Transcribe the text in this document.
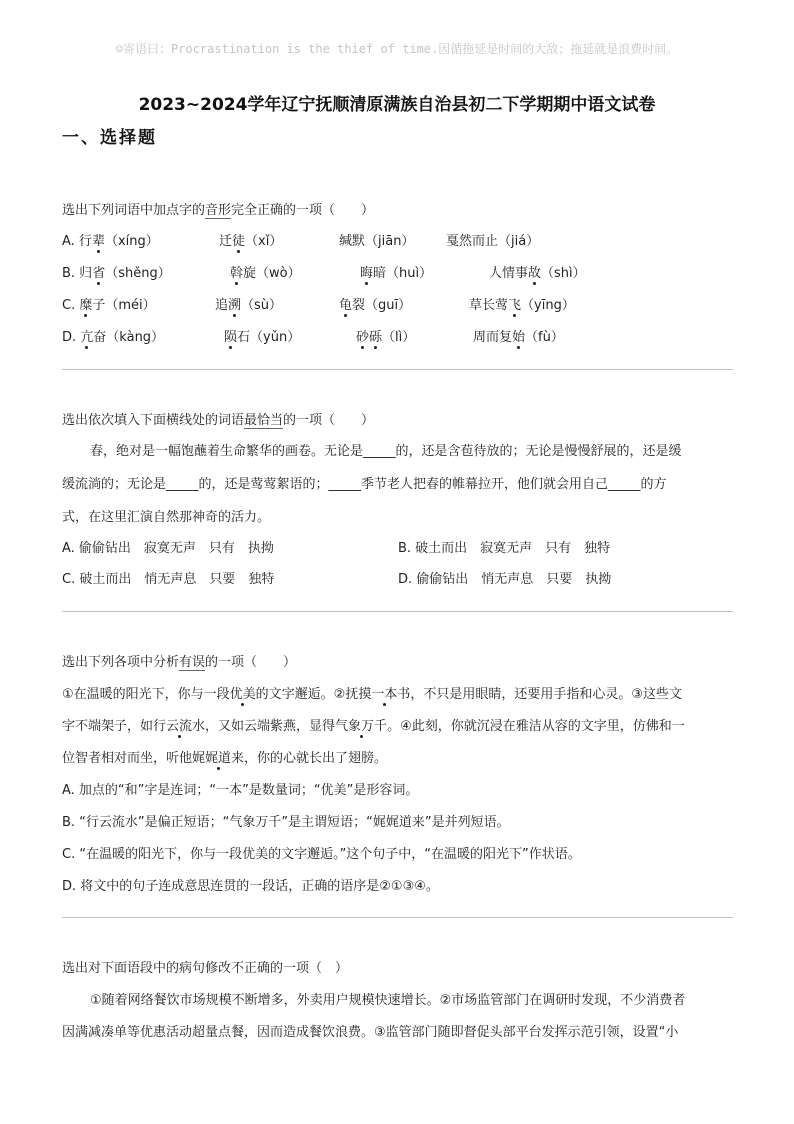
☺寄语曰：Procrastination is the thief of time.因循拖延是时间的大敌；拖延就是浪费时间。
2023~2024学年辽宁抚顺清原满族自治县初二下学期期中语文试卷
一、选择题
选出下列词语中加点字的音形完全正确的一项（　　）
A. 行辈（xíng）	迁徒（xǐ）	缄默（jiān） 戛然而止（jiá）
B. 归省（shěng）	斡旋（wò）	晦暗（huì）	人情事故（shì）
C. 糜子（méi）	追溯（sù）	龟裂（guī）	草长莺飞（yīng）
D. 亢奋（kàng）	陨石（yǔn）	砂砾（lì）	周而复始（fù）
选出依次填入下面横线处的词语最恰当的一项（　　）
春，绝对是一幅饱蘸着生命繁华的画卷。无论是_____的，还是含苞待放的；无论是慢慢舒展的，还是缓
缓流淌的；无论是_____的，还是莺莺絮语的；_____季节老人把春的帷幕拉开，他们就会用自己_____的方
式，在这里汇演自然那神奇的活力。
A. 偷偷钻出　寂寞无声　只有　执拗	B. 破土而出　寂寞无声　只有　独特
C. 破土而出　悄无声息　只要　独特	D. 偷偷钻出　悄无声息　只要　执拗
选出下列各项中分析有误的一项（　　）
①在温暖的阳光下，你与一段优美的文字邂逅。②抚摸一本书，不只是用眼睛，还要用手指和心灵。③这些文
字不端架子，如行云流水，又如云端紫燕，显得气象万千。④此刻，你就沉浸在雅洁从容的文字里，仿佛和一
位智者相对而坐，听他娓娓道来，你的心就长出了翅膀。
A. 加点的“和”字是连词；“一本”是数量词；“优美”是形容词。
B. “行云流水”是偏正短语；“气象万千”是主谓短语；“娓娓道来”是并列短语。
C. “在温暖的阳光下，你与一段优美的文字邂逅。”这个句子中，“在温暖的阳光下”作状语。
D. 将文中的句子连成意思连贯的一段话，正确的语序是②①③④。
选出对下面语段中的病句修改不正确的一项（　）
①随着网络餐饮市场规模不断增多，外卖用户规模快速增长。②市场监管部门在调研时发现，不少消费者
因满减凑单等优惠活动超量点餐，因而造成餐饮浪费。③监管部门随即督促头部平台发挥示范引领，设置“小
